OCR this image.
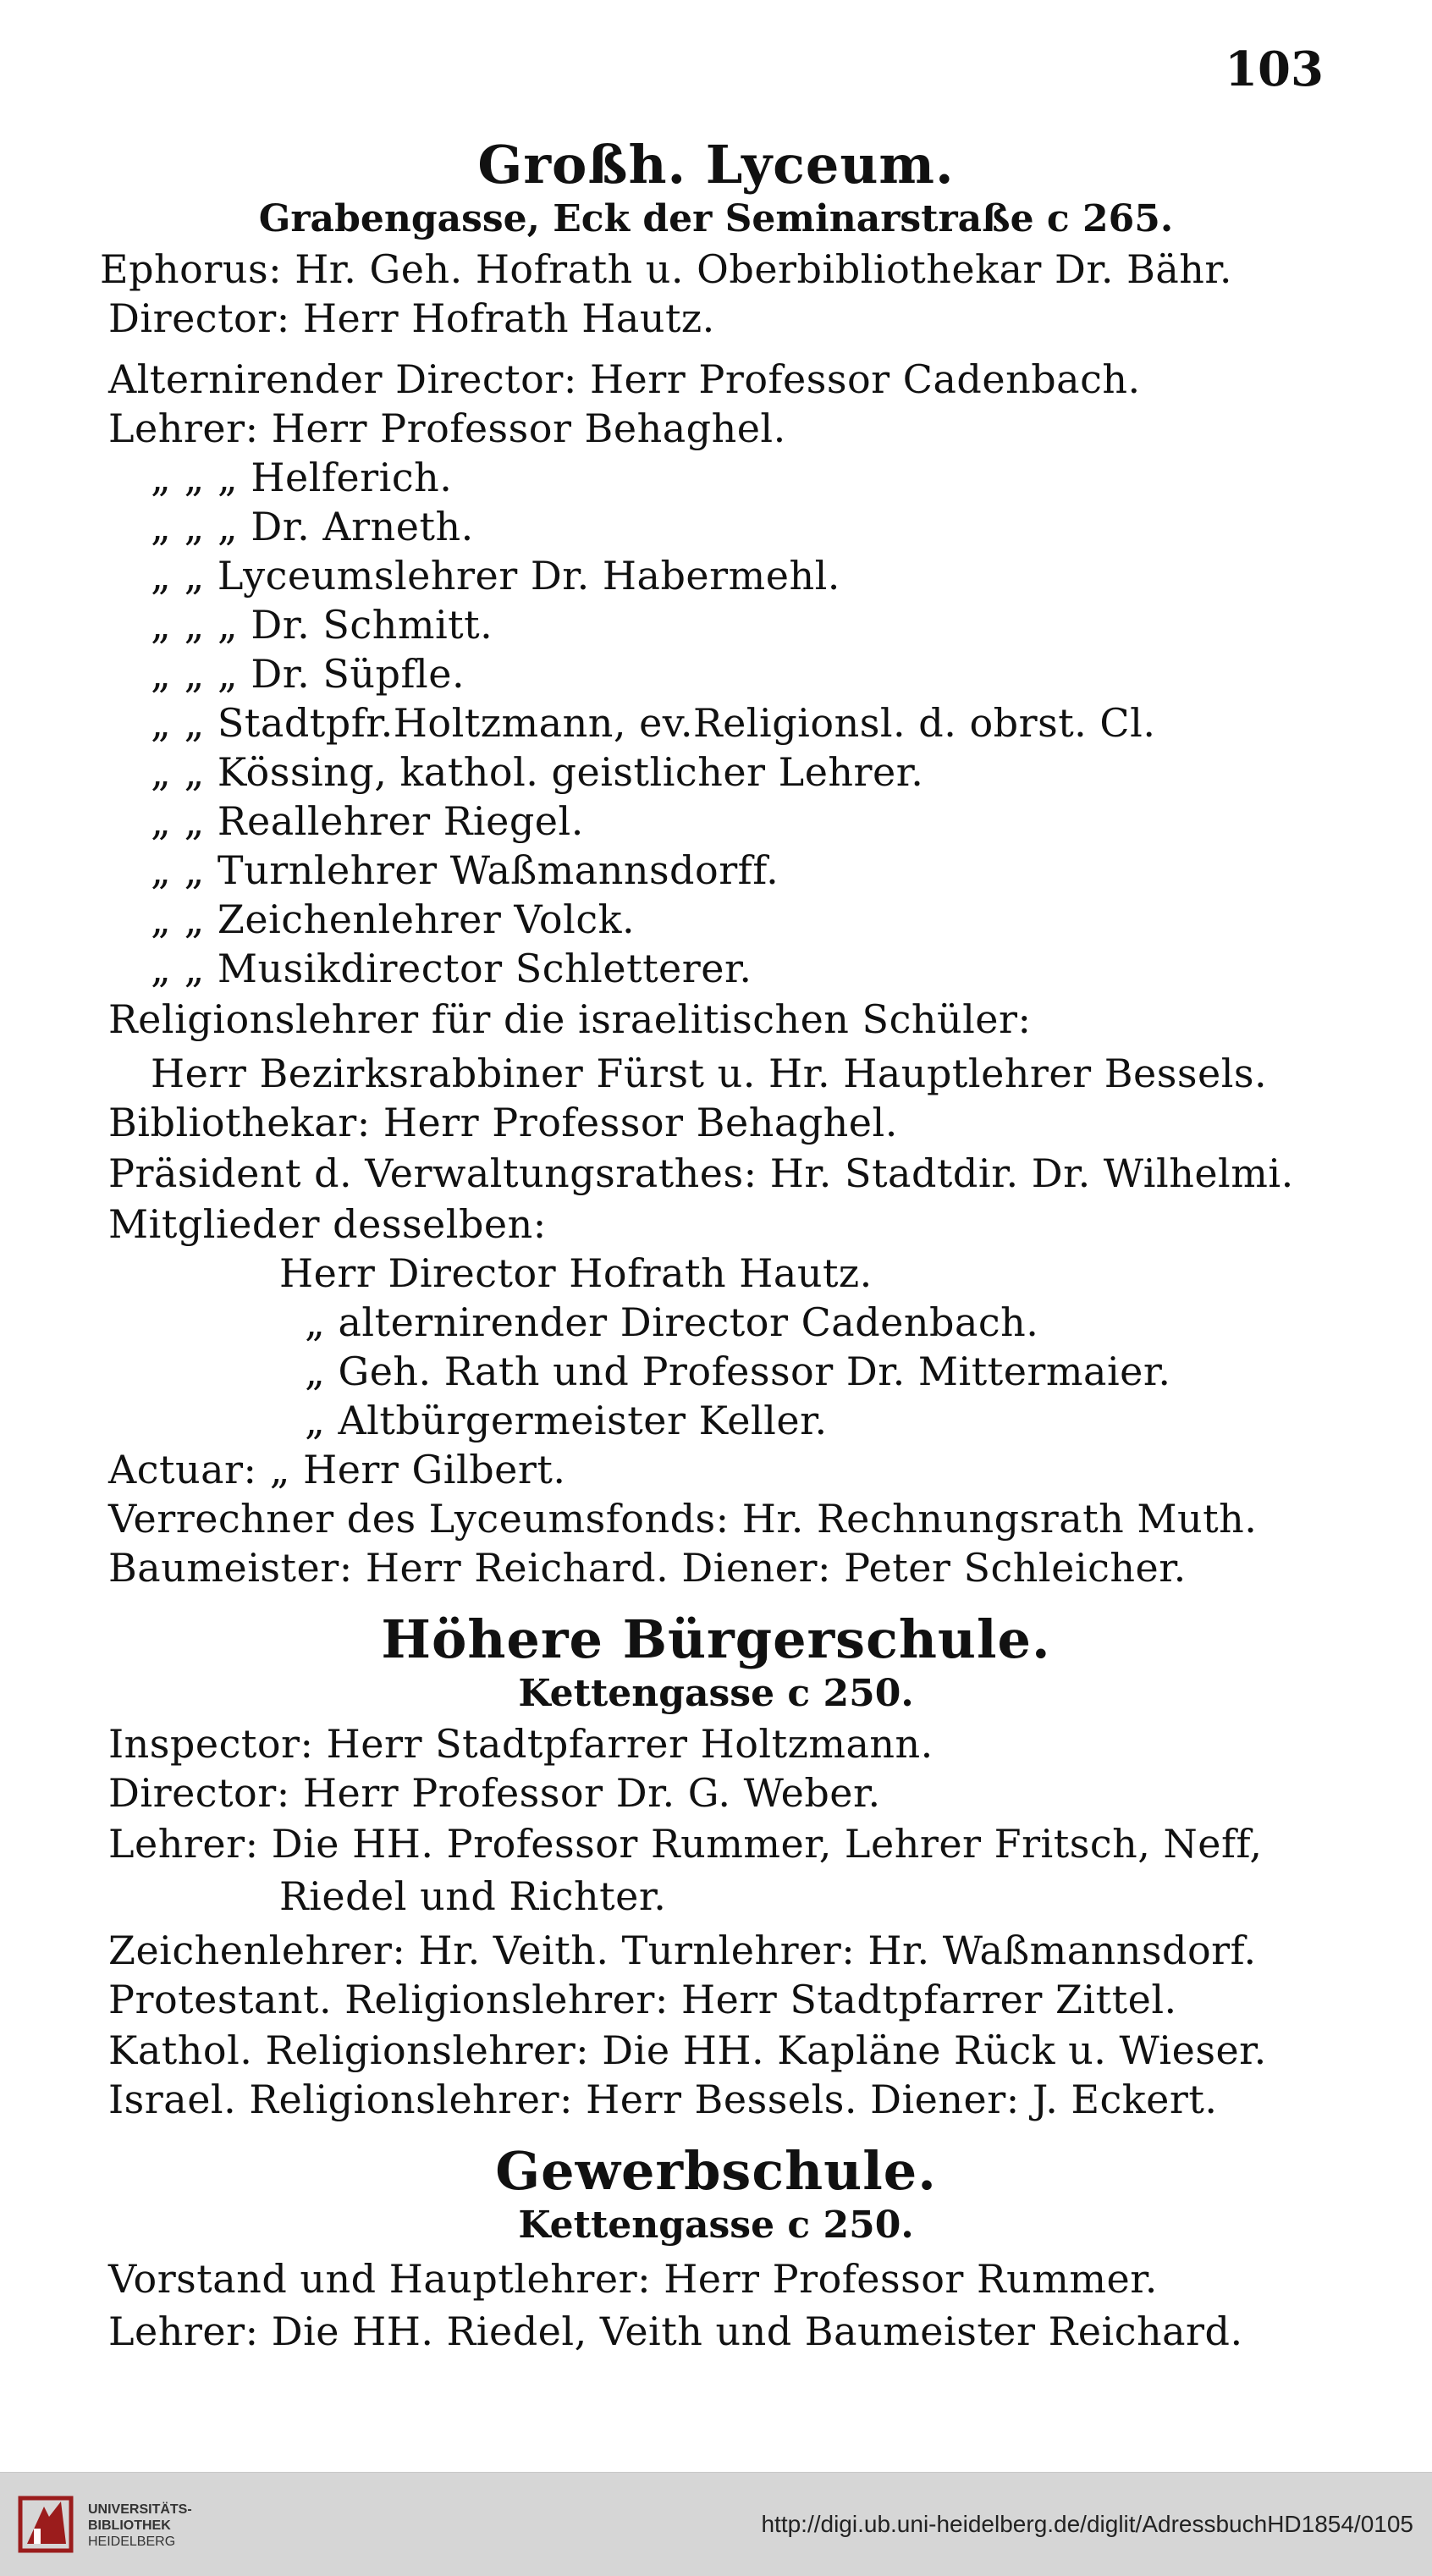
103
Großh. Lyceum.
Grabengasse, Eck der Seminarstraße c 265.
Ephorus: Hr. Geh. Hofrath u. Oberbibliothekar Dr. Bähr.
Director: Herr Hofrath Hautz.
Alternirender Director: Herr Professor Cadenbach.
Lehrer: Herr Professor Behaghel.
„ „ „ Helferich.
„ „ „ Dr. Arneth.
„ „ Lyceumslehrer Dr. Habermehl.
„ „ „ Dr. Schmitt.
„ „ „ Dr. Süpfle.
„ „ Stadtpfr.Holtzmann, ev.Religionsl. d. obrst. Cl.
„ „ Kössing, kathol. geistlicher Lehrer.
„ „ Reallehrer Riegel.
„ „ Turnlehrer Waßmannsdorff.
„ „ Zeichenlehrer Volck.
„ „ Musikdirector Schletterer.
Religionslehrer für die israelitischen Schüler:
Herr Bezirksrabbiner Fürst u. Hr. Hauptlehrer Bessels.
Bibliothekar: Herr Professor Behaghel.
Präsident d. Verwaltungsrathes: Hr. Stadtdir. Dr. Wilhelmi.
Mitglieder desselben:
Herr Director Hofrath Hautz.
„ alternirender Director Cadenbach.
„ Geh. Rath und Professor Dr. Mittermaier.
„ Altbürgermeister Keller.
Actuar: „ Herr Gilbert.
Verrechner des Lyceumsfonds: Hr. Rechnungsrath Muth.
Baumeister: Herr Reichard. Diener: Peter Schleicher.
Höhere Bürgerschule.
Kettengasse c 250.
Inspector: Herr Stadtpfarrer Holtzmann.
Director: Herr Professor Dr. G. Weber.
Lehrer: Die HH. Professor Rummer, Lehrer Fritsch, Neff,
Riedel und Richter.
Zeichenlehrer: Hr. Veith. Turnlehrer: Hr. Waßmannsdorf.
Protestant. Religionslehrer: Herr Stadtpfarrer Zittel.
Kathol. Religionslehrer: Die HH. Kapläne Rück u. Wieser.
Israel. Religionslehrer: Herr Bessels. Diener: J. Eckert.
Gewerbschule.
Kettengasse c 250.
Vorstand und Hauptlehrer: Herr Professor Rummer.
Lehrer: Die HH. Riedel, Veith und Baumeister Reichard.
UNIVERSITÄTS-
BIBLIOTHEK
HEIDELBERG
http://digi.ub.uni-heidelberg.de/diglit/AdressbuchHD1854/0105
